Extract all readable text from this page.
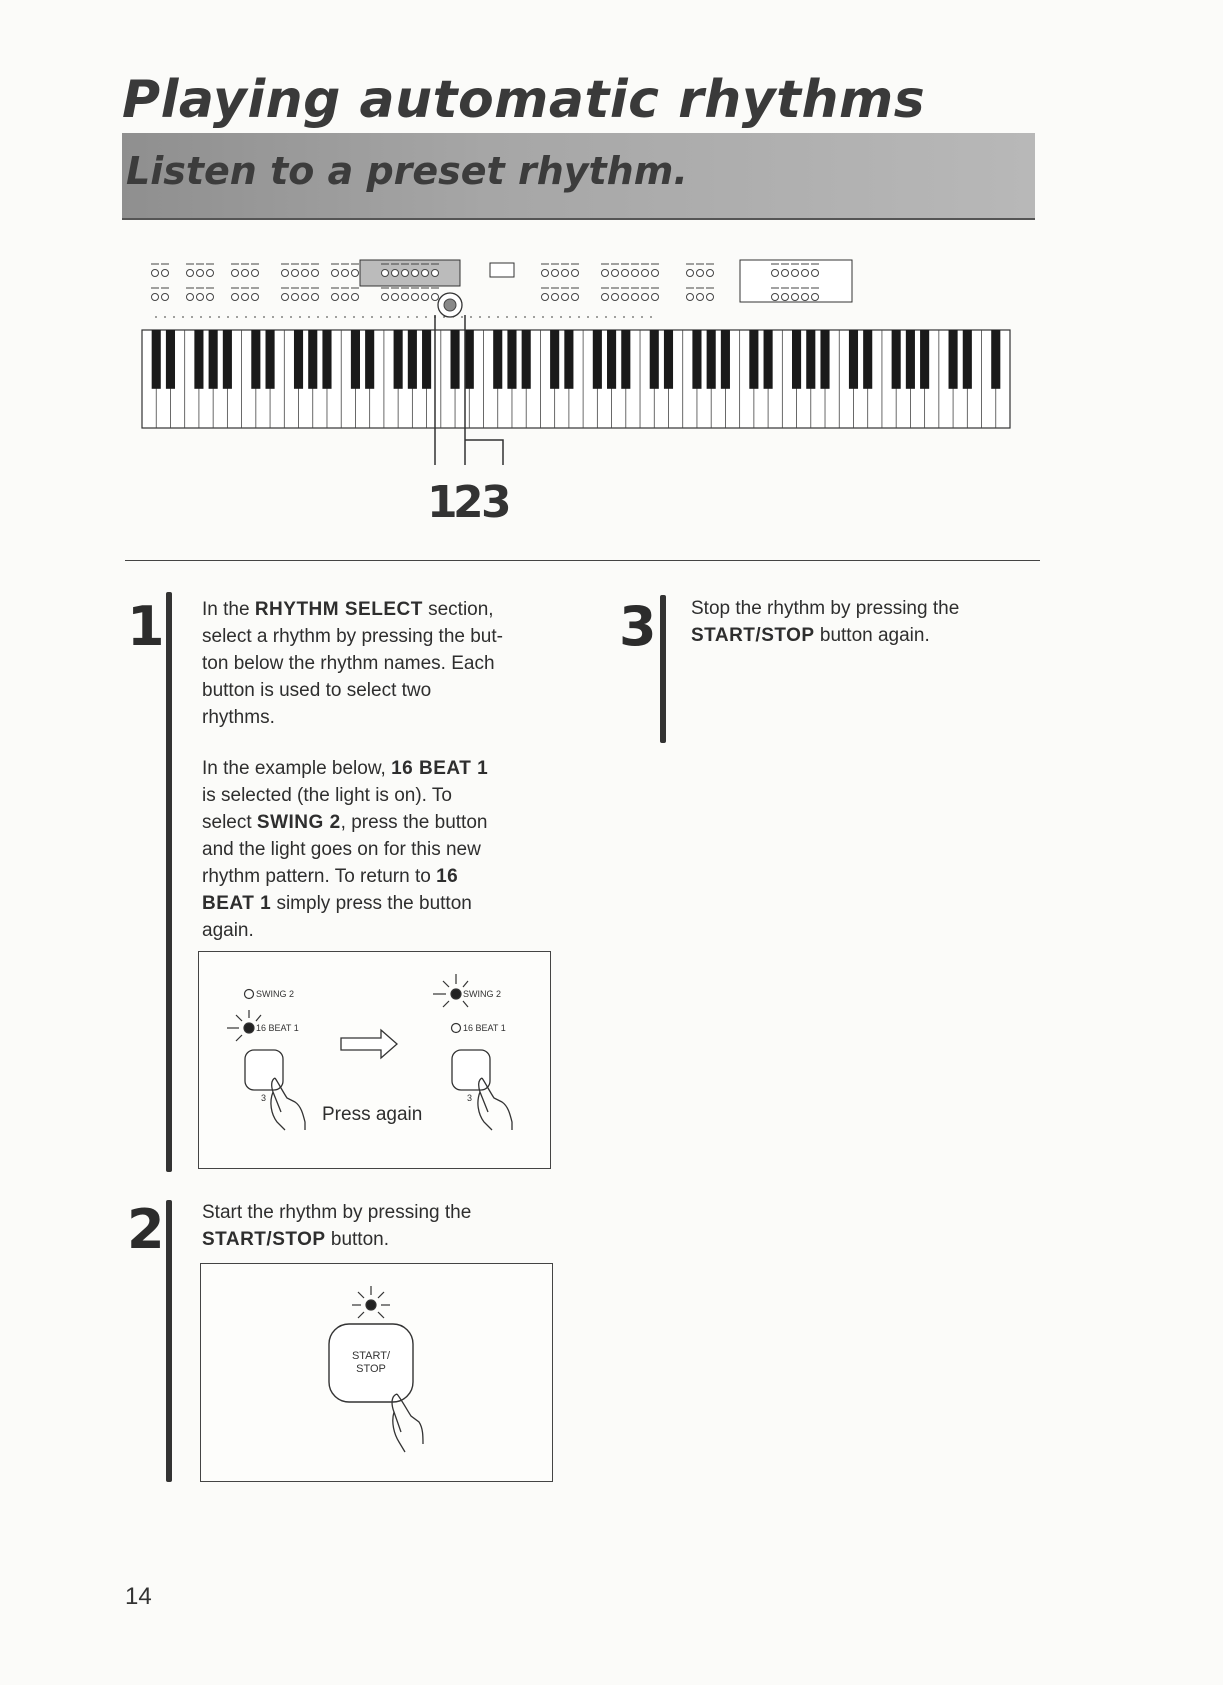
Playing automatic rhythms
Listen to a preset rhythm.
1
2
3
1 In the RHYTHM SELECT section,
select a rhythm by pressing the but-
ton below the rhythm names. Each
button is used to select two
rhythms.

In the example below, 16 BEAT 1
is selected (the light is on). To
select SWING 2, press the button
and the light goes on for this new
rhythm pattern. To return to 16
BEAT 1 simply press the button
again.

SWING 2
16 BEAT 1
3
SWING 2
16 BEAT 1
3
Press again
2 Start the rhythm by pressing the
START/STOP button.

START/
STOP
3 Stop the rhythm by pressing the
START/STOP button again.

14
